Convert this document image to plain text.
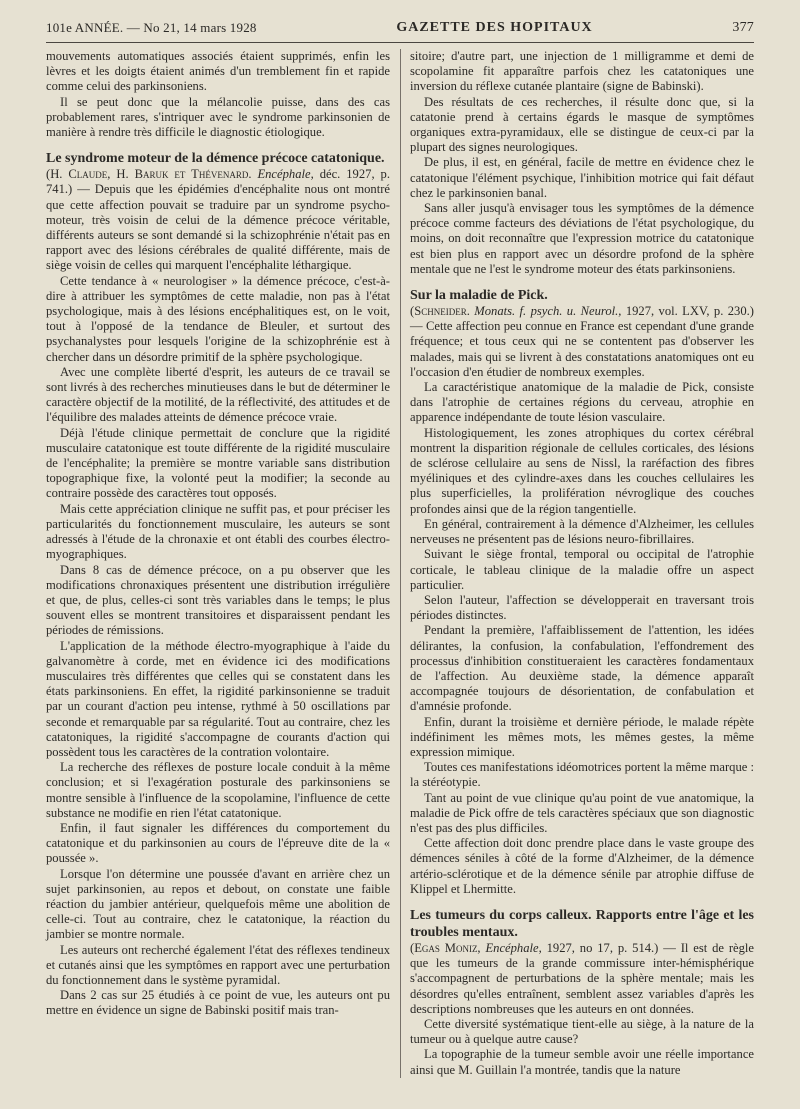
101e ANNÉE. — No 21, 14 mars 1928	GAZETTE DES HOPITAUX	377

mouvements automatiques associés étaient supprimés, enfin les lèvres et les doigts étaient animés d'un tremblement fin et rapide comme celui des parkinsoniens.

Il se peut donc que la mélancolie puisse, dans des cas probablement rares, s'intriquer avec le syndrome parkinsonien de manière à rendre très difficile le diagnostic étiologique.

Le syndrome moteur de la démence précoce catatonique.

(H. Claude, H. Baruk et Thévenard. Encéphale, déc. 1927, p. 741.) — Depuis que les épidémies d'encéphalite nous ont montré que cette affection pouvait se traduire par un syndrome psycho-moteur, très voisin de celui de la démence précoce véritable, différents auteurs se sont demandé si la schizophrénie n'était pas en rapport avec des lésions cérébrales de qualité différente, mais de siège voisin de celles qui marquent l'encéphalite léthargique.

Cette tendance à « neurologiser » la démence précoce, c'est-à-dire à attribuer les symptômes de cette maladie, non pas à l'état psychologique, mais à des lésions encéphalitiques est, on le voit, tout à l'opposé de la tendance de Bleuler, et surtout des psychanalystes pour lesquels l'origine de la schizophrénie est à chercher dans un désordre primitif de la sphère psychologique.

Avec une complète liberté d'esprit, les auteurs de ce travail se sont livrés à des recherches minutieuses dans le but de déterminer le caractère objectif de la motilité, de la réflectivité, des attitudes et de l'équilibre des malades atteints de démence précoce vraie.

Déjà l'étude clinique permettait de conclure que la rigidité musculaire catatonique est toute différente de la rigidité musculaire de l'encéphalite; la première se montre variable sans distribution topographique fixe, la volonté peut la modifier; la seconde au contraire possède des caractères tout opposés.

Mais cette appréciation clinique ne suffit pas, et pour préciser les particularités du fonctionnement musculaire, les auteurs se sont adressés à l'étude de la chronaxie et ont établi des courbes électro-myographiques.

Dans 8 cas de démence précoce, on a pu observer que les modifications chronaxiques présentent une distribution irrégulière et que, de plus, celles-ci sont très variables dans le temps; le plus souvent elles se montrent transitoires et disparaissent pendant les périodes de rémissions.

L'application de la méthode électro-myographique à l'aide du galvanomètre à corde, met en évidence ici des modifications musculaires très différentes que celles qui se constatent dans les états parkinsoniens. En effet, la rigidité parkinsonienne se traduit par un courant d'action peu intense, rythmé à 50 oscillations par seconde et remarquable par sa régularité. Tout au contraire, chez les catatoniques, la rigidité s'accompagne de courants d'action qui possèdent tous les caractères de la contration volontaire.

La recherche des réflexes de posture locale conduit à la même conclusion; et si l'exagération posturale des parkinsoniens se montre sensible à l'influence de la scopolamine, l'influence de cette substance ne modifie en rien l'état catatonique.

Enfin, il faut signaler les différences du comportement du catatonique et du parkinsonien au cours de l'épreuve dite de la « poussée ».

Lorsque l'on détermine une poussée d'avant en arrière chez un sujet parkinsonien, au repos et debout, on constate une faible réaction du jambier antérieur, quelquefois même une abolition de celle-ci. Tout au contraire, chez le catatonique, la réaction du jambier se montre normale.

Les auteurs ont recherché également l'état des réflexes tendineux et cutanés ainsi que les symptômes en rapport avec une perturbation du fonctionnement dans le système pyramidal.

Dans 2 cas sur 25 étudiés à ce point de vue, les auteurs ont pu mettre en évidence un signe de Babinski positif mais tran-

sitoire; d'autre part, une injection de 1 milligramme et demi de scopolamine fit apparaître parfois chez les catatoniques une inversion du réflexe cutanée plantaire (signe de Babinski).

Des résultats de ces recherches, il résulte donc que, si la catatonie prend à certains égards le masque de symptômes organiques extra-pyramidaux, elle se distingue de ceux-ci par la plupart des signes neurologiques.

De plus, il est, en général, facile de mettre en évidence chez le catatonique l'élément psychique, l'inhibition motrice qui fait défaut chez le parkinsonien banal.

Sans aller jusqu'à envisager tous les symptômes de la démence précoce comme facteurs des déviations de l'état psychologique, du moins, on doit reconnaître que l'expression motrice du catatonique est bien plus en rapport avec un désordre profond de la sphère mentale que ne l'est le syndrome moteur des états parkinsoniens.

Sur la maladie de Pick.

(Schneider. Monats. f. psych. u. Neurol., 1927, vol. LXV, p. 230.) — Cette affection peu connue en France est cependant d'une grande fréquence; et tous ceux qui ne se contentent pas d'observer les malades, mais qui se livrent à des constatations anatomiques ont eu l'occasion d'en étudier de nombreux exemples.

La caractéristique anatomique de la maladie de Pick, consiste dans l'atrophie de certaines régions du cerveau, atrophie en apparence indépendante de toute lésion vasculaire.

Histologiquement, les zones atrophiques du cortex cérébral montrent la disparition régionale de cellules corticales, des lésions de sclérose cellulaire au sens de Nissl, la raréfaction des fibres myéliniques et des cylindre-axes dans les couches cellulaires les plus superficielles, la prolifération névroglique des couches profondes ainsi que de la région tangentielle.

En général, contrairement à la démence d'Alzheimer, les cellules nerveuses ne présentent pas de lésions neuro-fibrillaires.

Suivant le siège frontal, temporal ou occipital de l'atrophie corticale, le tableau clinique de la maladie offre un aspect particulier.

Selon l'auteur, l'affection se développerait en traversant trois périodes distinctes.

Pendant la première, l'affaiblissement de l'attention, les idées délirantes, la confusion, la confabulation, l'effondrement des processus d'inhibition constitueraient les caractères fondamentaux de l'affection. Au deuxième stade, la démence apparaît accompagnée toujours de désorientation, de confabulation et d'amnésie profonde.

Enfin, durant la troisième et dernière période, le malade répète indéfiniment les mêmes mots, les mêmes gestes, la même expression mimique.

Toutes ces manifestations idéomotrices portent la même marque : la stéréotypie.

Tant au point de vue clinique qu'au point de vue anatomique, la maladie de Pick offre de tels caractères spéciaux que son diagnostic n'est pas des plus difficiles.

Cette affection doit donc prendre place dans le vaste groupe des démences séniles à côté de la forme d'Alzheimer, de la démence artério-sclérotique et de la démence sénile par atrophie diffuse de Klippel et Lhermitte.

Les tumeurs du corps calleux. Rapports entre l'âge et les troubles mentaux.

(Egas Moniz, Encéphale, 1927, no 17, p. 514.) — Il est de règle que les tumeurs de la grande commissure inter-hémisphérique s'accompagnent de perturbations de la sphère mentale; mais les désordres qu'elles entraînent, semblent assez variables d'après les descriptions nombreuses que les auteurs en ont données.

Cette diversité systématique tient-elle au siège, à la nature de la tumeur ou à quelque autre cause?

La topographie de la tumeur semble avoir une réelle importance ainsi que M. Guillain l'a montrée, tandis que la nature
